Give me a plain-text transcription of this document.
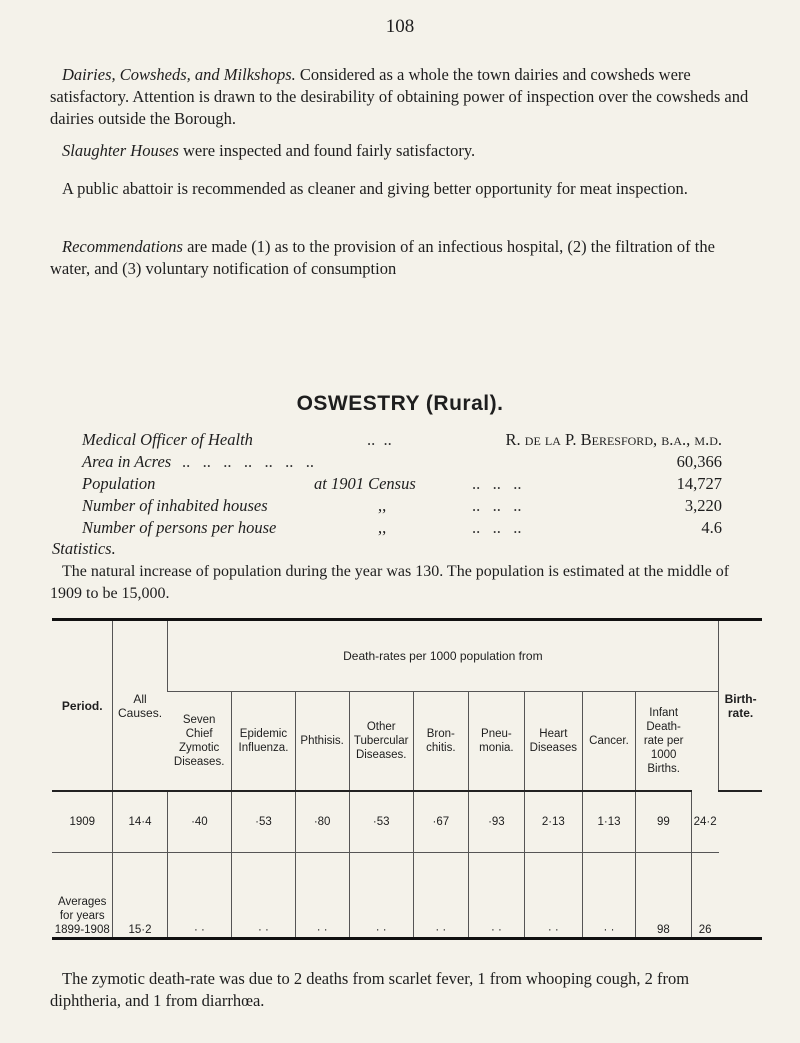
108

Dairies, Cowsheds, and Milkshops. Considered as a whole the town dairies and cowsheds were satisfactory. Attention is drawn to the desirability of obtaining power of inspection over the cowsheds and dairies outside the Borough.

Slaughter Houses were inspected and found fairly satisfactory.

A public abattoir is recommended as cleaner and giving better opportunity for meat inspection.

Recommendations are made (1) as to the provision of an infectious hospital, (2) the filtration of the water, and (3) voluntary notification of consumption

OSWESTRY (Rural).
Medical Officer of Health	..  ..	R. de la P. Beresford, b.a., m.d.
Area in Acres ..   ..   ..   ..   ..   ..   ..	60,366
Population	at 1901 Census	..   ..   ..	14,727
Number of inhabited houses	,,	..   ..   ..	3,220
Number of persons per house	,,	..   ..   ..	4.6

Statistics.

The natural increase of population during the year was 130. The population is estimated at the middle of 1909 to be 15,000.

Period.	All Causes.	Death-rates per 1000 population from										Birth- rate.
		Seven Chief Zymotic Diseases.	Epidemic Influenza.	Phthisis.	Other Tubercular Diseases.	Bron- chitis.	Pneu- monia.	Heart Diseases	Cancer.	Infant Death- rate per 1000 Births.		
1909	14·4	·40	·53	·80	·53	·67	·93	2·13	1·13	99	24·2	
Averages for years 1899-1908	15·2	· ·	· ·	· ·	· ·	· ·	· ·	· ·	· ·	98	26	

The zymotic death-rate was due to 2 deaths from scarlet fever, 1 from whooping cough, 2 from diphtheria, and 1 from diarrhœa.
